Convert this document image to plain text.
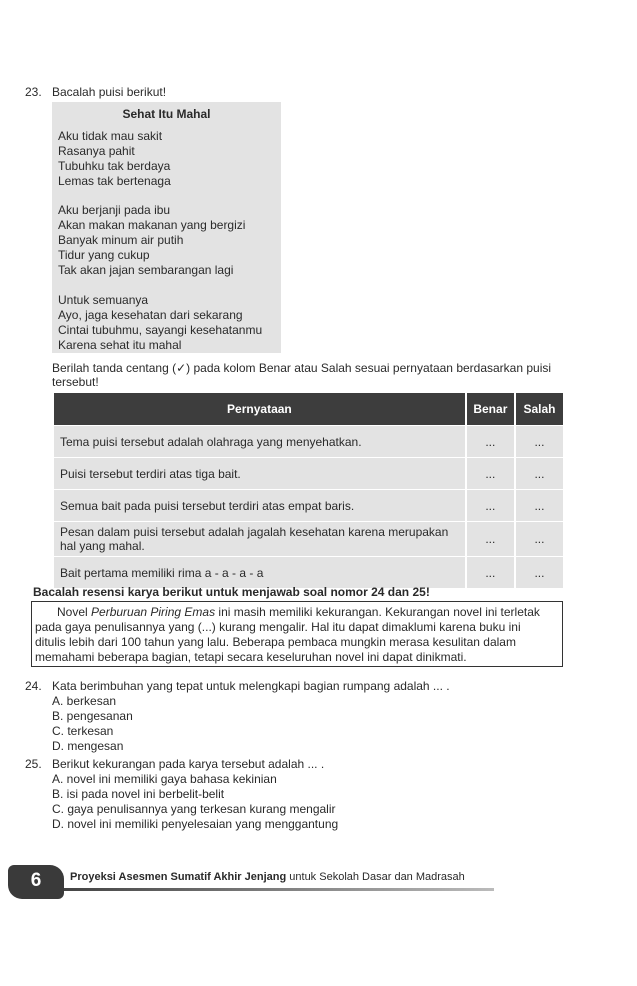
23. Bacalah puisi berikut!
Sehat Itu Mahal
Aku tidak mau sakit
Rasanya pahit
Tubuhku tak berdaya
Lemas tak bertenaga
Aku berjanji pada ibu
Akan makan makanan yang bergizi
Banyak minum air putih
Tidur yang cukup
Tak akan jajan sembarangan lagi
Untuk semuanya
Ayo, jaga kesehatan dari sekarang
Cintai tubuhmu, sayangi kesehatanmu
Karena sehat itu mahal
Berilah tanda centang (✓) pada kolom Benar atau Salah sesuai pernyataan berdasarkan puisi
tersebut!
Pernyataan	Benar	Salah
Tema puisi tersebut adalah olahraga yang menyehatkan.	...	...
Puisi tersebut terdiri atas tiga bait.	...	...
Semua bait pada puisi tersebut terdiri atas empat baris.	...	...

Pesan dalam puisi tersebut adalah jagalah kesehatan karena merupakan
hal yang mahal.	...	...
Bait pertama memiliki rima a - a - a - a	...	...
Bacalah resensi karya berikut untuk menjawab soal nomor 24 dan 25!
Novel Perburuan Piring Emas ini masih memiliki kekurangan. Kekurangan novel ini terletak
pada gaya penulisannya yang (...) kurang mengalir. Hal itu dapat dimaklumi karena buku ini
ditulis lebih dari 100 tahun yang lalu. Beberapa pembaca mungkin merasa kesulitan dalam
memahami beberapa bagian, tetapi secara keseluruhan novel ini dapat dinikmati.
24. Kata berimbuhan yang tepat untuk melengkapi bagian rumpang adalah ... .
A. berkesan
B. pengesanan
C. terkesan
D. mengesan
25. Berikut kekurangan pada karya tersebut adalah ... .
A. novel ini memiliki gaya bahasa kekinian
B. isi pada novel ini berbelit-belit
C. gaya penulisannya yang terkesan kurang mengalir
D. novel ini memiliki penyelesaian yang menggantung
6	Proyeksi Asesmen Sumatif Akhir Jenjang untuk Sekolah Dasar dan Madrasah
